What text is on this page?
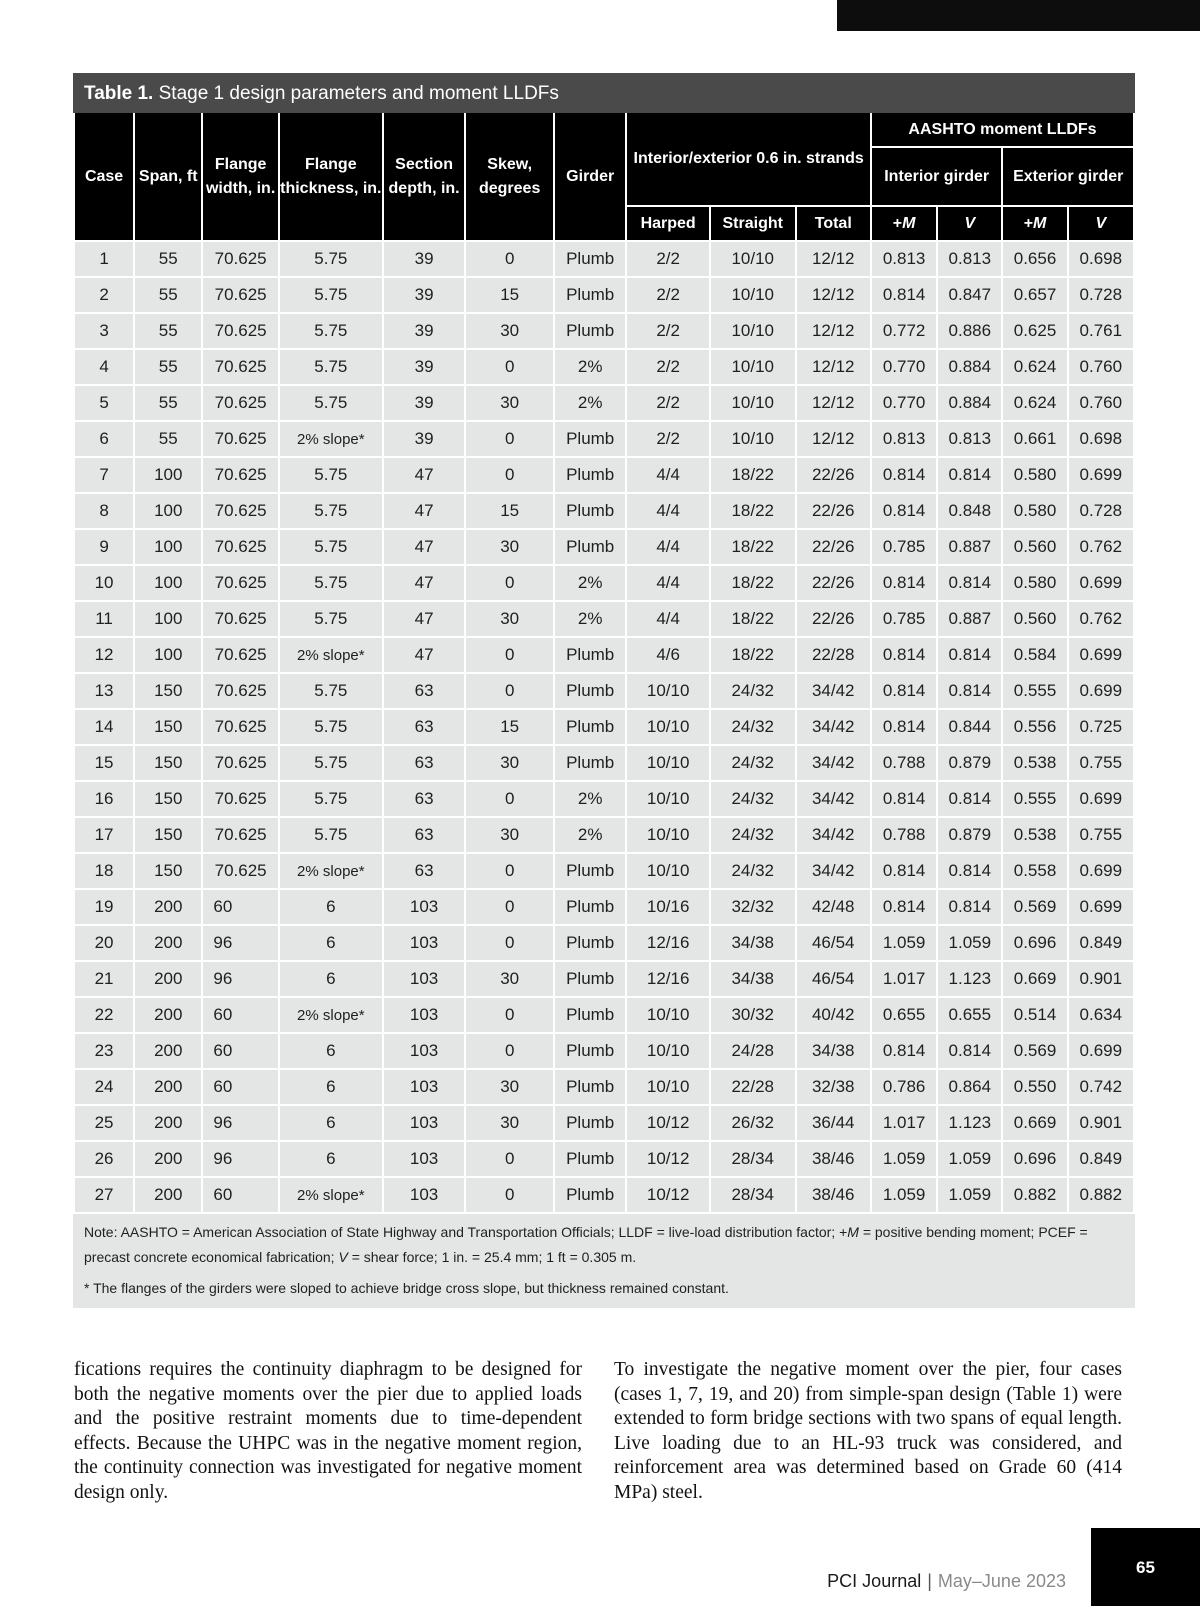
Table 1. Stage 1 design parameters and moment LLDFs
Case	Span, ft	Flange width, in.	Flange thickness, in.	Section depth, in.	Skew, degrees	Girder	Interior/exterior 0.6 in. strands			AASHTO moment LLDFs			
										Interior girder		Exterior girder	
							Harped	Straight	Total	+M	V	+M	V
1	55	70.625	5.75	39	0	Plumb	2/2	10/10	12/12	0.813	0.813	0.656	0.698
2	55	70.625	5.75	39	15	Plumb	2/2	10/10	12/12	0.814	0.847	0.657	0.728
3	55	70.625	5.75	39	30	Plumb	2/2	10/10	12/12	0.772	0.886	0.625	0.761
4	55	70.625	5.75	39	0	2%	2/2	10/10	12/12	0.770	0.884	0.624	0.760
5	55	70.625	5.75	39	30	2%	2/2	10/10	12/12	0.770	0.884	0.624	0.760
6	55	70.625	2% slope*	39	0	Plumb	2/2	10/10	12/12	0.813	0.813	0.661	0.698
7	100	70.625	5.75	47	0	Plumb	4/4	18/22	22/26	0.814	0.814	0.580	0.699
8	100	70.625	5.75	47	15	Plumb	4/4	18/22	22/26	0.814	0.848	0.580	0.728
9	100	70.625	5.75	47	30	Plumb	4/4	18/22	22/26	0.785	0.887	0.560	0.762
10	100	70.625	5.75	47	0	2%	4/4	18/22	22/26	0.814	0.814	0.580	0.699
11	100	70.625	5.75	47	30	2%	4/4	18/22	22/26	0.785	0.887	0.560	0.762
12	100	70.625	2% slope*	47	0	Plumb	4/6	18/22	22/28	0.814	0.814	0.584	0.699
13	150	70.625	5.75	63	0	Plumb	10/10	24/32	34/42	0.814	0.814	0.555	0.699
14	150	70.625	5.75	63	15	Plumb	10/10	24/32	34/42	0.814	0.844	0.556	0.725
15	150	70.625	5.75	63	30	Plumb	10/10	24/32	34/42	0.788	0.879	0.538	0.755
16	150	70.625	5.75	63	0	2%	10/10	24/32	34/42	0.814	0.814	0.555	0.699
17	150	70.625	5.75	63	30	2%	10/10	24/32	34/42	0.788	0.879	0.538	0.755
18	150	70.625	2% slope*	63	0	Plumb	10/10	24/32	34/42	0.814	0.814	0.558	0.699
19	200	60	6	103	0	Plumb	10/16	32/32	42/48	0.814	0.814	0.569	0.699
20	200	96	6	103	0	Plumb	12/16	34/38	46/54	1.059	1.059	0.696	0.849
21	200	96	6	103	30	Plumb	12/16	34/38	46/54	1.017	1.123	0.669	0.901
22	200	60	2% slope*	103	0	Plumb	10/10	30/32	40/42	0.655	0.655	0.514	0.634
23	200	60	6	103	0	Plumb	10/10	24/28	34/38	0.814	0.814	0.569	0.699
24	200	60	6	103	30	Plumb	10/10	22/28	32/38	0.786	0.864	0.550	0.742
25	200	96	6	103	30	Plumb	10/12	26/32	36/44	1.017	1.123	0.669	0.901
26	200	96	6	103	0	Plumb	10/12	28/34	38/46	1.059	1.059	0.696	0.849
27	200	60	2% slope*	103	0	Plumb	10/12	28/34	38/46	1.059	1.059	0.882	0.882

Note: AASHTO = American Association of State Highway and Transportation Officials; LLDF = live-load distribution factor; +M = positive bending moment; PCEF = precast concrete economical fabrication; V = shear force; 1 in. = 25.4 mm; 1 ft = 0.305 m.

* The flanges of the girders were sloped to achieve bridge cross slope, but thickness remained constant.

fications requires the continuity diaphragm to be designed for both the negative moments over the pier due to applied loads and the positive restraint moments due to time-dependent effects. Because the UHPC was in the negative moment region, the continuity connection was investigated for negative moment design only.

To investigate the negative moment over the pier, four cases (cases 1, 7, 19, and 20) from simple-span design (Table 1) were extended to form bridge sections with two spans of equal length. Live loading due to an HL-93 truck was considered, and reinforcement area was determined based on Grade 60 (414 MPa) steel.

PCI Journal | May–June 2023
65
